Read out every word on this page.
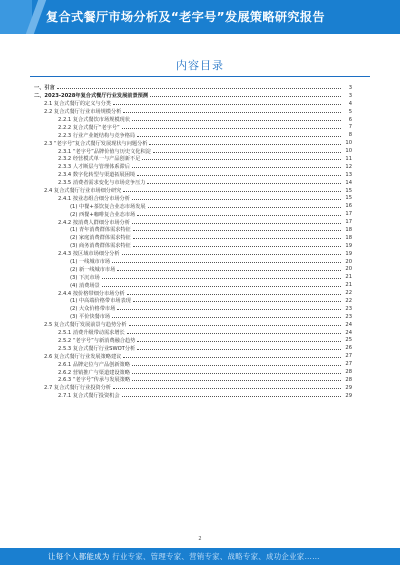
复合式餐厅市场分析及“老字号”发展策略研究报告
内容目录
一、引言	3
二、2023-2028年复合式餐厅行业发展前景预测	3
2.1 复合式餐厅的定义与分类	4
2.2 复合式餐厅行业市场规模分析	5
2.2.1 复合式餐饮市场规模现状	6
2.2.2 复合式餐厅“老字号”	7
2.2.3 行业产业链结构与竞争格局	8
2.3 “老字号”复合式餐厅发展现状与问题分析	10
2.3.1 “老字号”品牌价值与历史文化积淀	10
2.3.2 经营模式单一与产品创新不足	11
2.3.3 人才断层与管理体系滞后	12
2.3.4 数字化转型与渠道拓展困境	13
2.3.5 消费者需求变化与市场竞争压力	14
2.4 复合式餐厅行业市场细分研究	15
2.4.1 按业态组合细分市场分析	15
(1) 中餐+茶饮复合业态市场发展	16
(2) 西餐+咖啡复合业态市场	17
2.4.2 按消费人群细分市场分析	17
(1) 青年消费群体需求特征	18
(2) 家庭消费群体需求特征	18
(3) 商务消费群体需求特征	19
2.4.3 按区域市场细分分析	19
(1) 一线城市市场	20
(2) 新一线城市市场	20
(3) 下沉市场	21
(4) 消费场景	21
2.4.4 按价格带细分市场分析	22
(1) 中高端价格带市场表现	22
(2) 大众价格带市场	23
(3) 平价快餐市场	23
2.5 复合式餐厅发展前景与趋势分析	24
2.5.1 消费升级带动需求增长	24
2.5.2 “老字号”与新消费融合趋势	25
2.5.3 复合式餐厅行业SWOT分析	26
2.6 复合式餐厅行业发展策略建议	27
2.6.1 品牌定位与产品创新策略	27
2.6.2 营销推广与渠道建设策略	28
2.6.3 “老字号”传承与发展策略	28
2.7 复合式餐厅行业投资分析	29
2.7.1 复合式餐厅投资机会	29
2
让每个人都能成为 行业专家、管理专家、营销专家、战略专家、成功企业家……
